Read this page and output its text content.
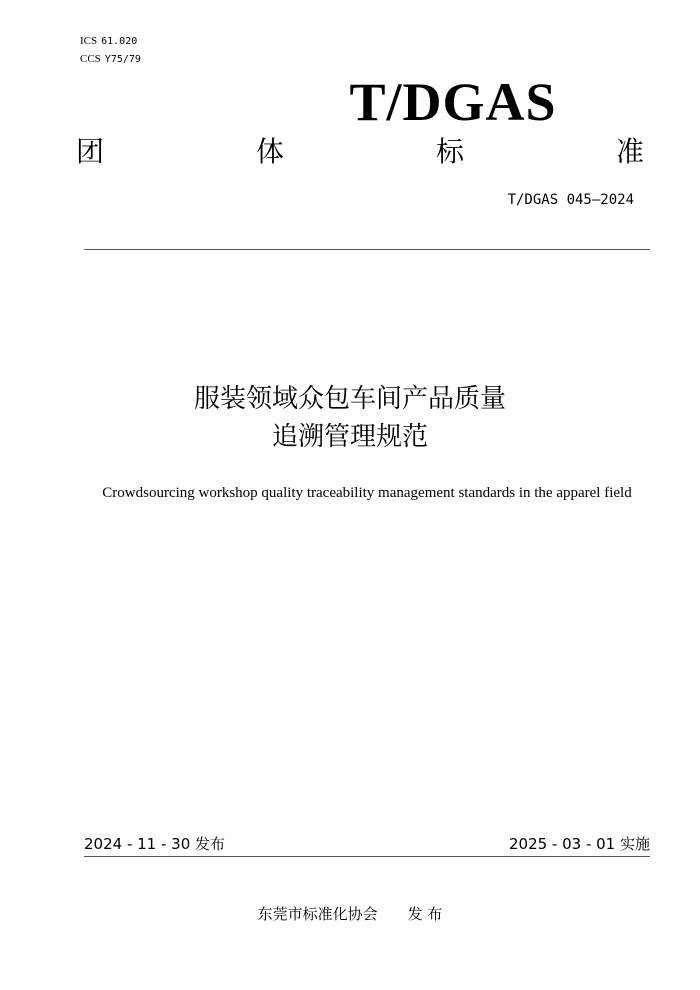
ICS 61.020
CCS Y75/79
T/DGAS
团	体	标	准
T/DGAS 045—2024
服装领域众包车间产品质量
追溯管理规范
Crowdsourcing workshop quality traceability management standards in the apparel field
2024 - 11 - 30 发布	2025 - 03 - 01 实施
东莞市标准化协会 发 布
